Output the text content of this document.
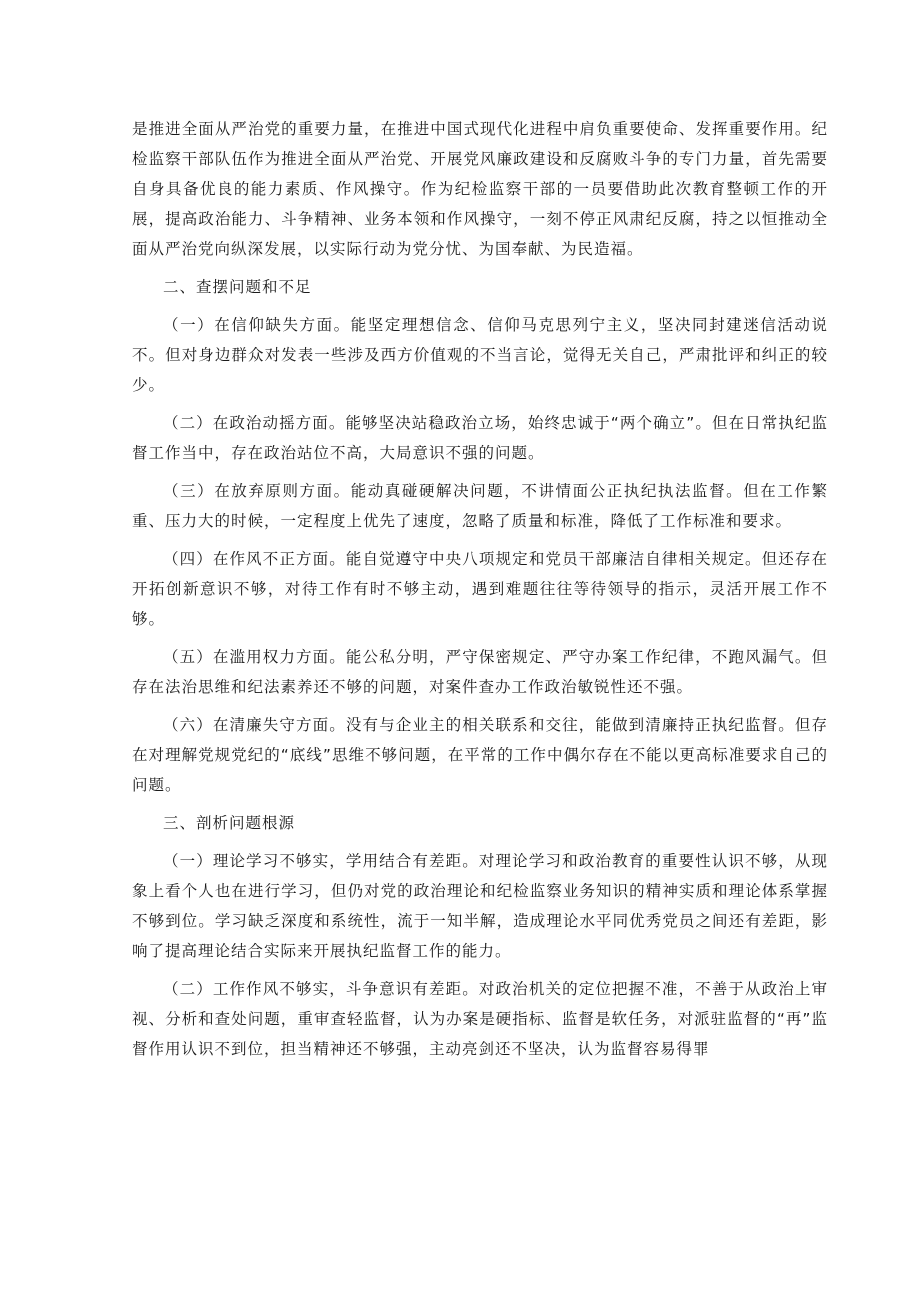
是推进全面从严治党的重要力量，在推进中国式现代化进程中肩负重要使命、发挥重要作用。纪检监察干部队伍作为推进全面从严治党、开展党风廉政建设和反腐败斗争的专门力量，首先需要自身具备优良的能力素质、作风操守。作为纪检监察干部的一员要借助此次教育整顿工作的开展，提高政治能力、斗争精神、业务本领和作风操守，一刻不停正风肃纪反腐，持之以恒推动全面从严治党向纵深发展，以实际行动为党分忧、为国奉献、为民造福。

二、查摆问题和不足

（一）在信仰缺失方面。能坚定理想信念、信仰马克思列宁主义，坚决同封建迷信活动说不。但对身边群众对发表一些涉及西方价值观的不当言论，觉得无关自己，严肃批评和纠正的较少。

（二）在政治动摇方面。能够坚决站稳政治立场，始终忠诚于“两个确立”。但在日常执纪监督工作当中，存在政治站位不高，大局意识不强的问题。

（三）在放弃原则方面。能动真碰硬解决问题，不讲情面公正执纪执法监督。但在工作繁重、压力大的时候，一定程度上优先了速度，忽略了质量和标准，降低了工作标准和要求。

（四）在作风不正方面。能自觉遵守中央八项规定和党员干部廉洁自律相关规定。但还存在开拓创新意识不够，对待工作有时不够主动，遇到难题往往等待领导的指示，灵活开展工作不够。

（五）在滥用权力方面。能公私分明，严守保密规定、严守办案工作纪律，不跑风漏气。但存在法治思维和纪法素养还不够的问题，对案件查办工作政治敏锐性还不强。

（六）在清廉失守方面。没有与企业主的相关联系和交往，能做到清廉持正执纪监督。但存在对理解党规党纪的“底线”思维不够问题，在平常的工作中偶尔存在不能以更高标准要求自己的问题。

三、剖析问题根源

（一）理论学习不够实，学用结合有差距。对理论学习和政治教育的重要性认识不够，从现象上看个人也在进行学习，但仍对党的政治理论和纪检监察业务知识的精神实质和理论体系掌握不够到位。学习缺乏深度和系统性，流于一知半解，造成理论水平同优秀党员之间还有差距，影响了提高理论结合实际来开展执纪监督工作的能力。

（二）工作作风不够实，斗争意识有差距。对政治机关的定位把握不准，不善于从政治上审视、分析和查处问题，重审查轻监督，认为办案是硬指标、监督是软任务，对派驻监督的“再”监督作用认识不到位，担当精神还不够强，主动亮剑还不坚决，认为监督容易得罪
